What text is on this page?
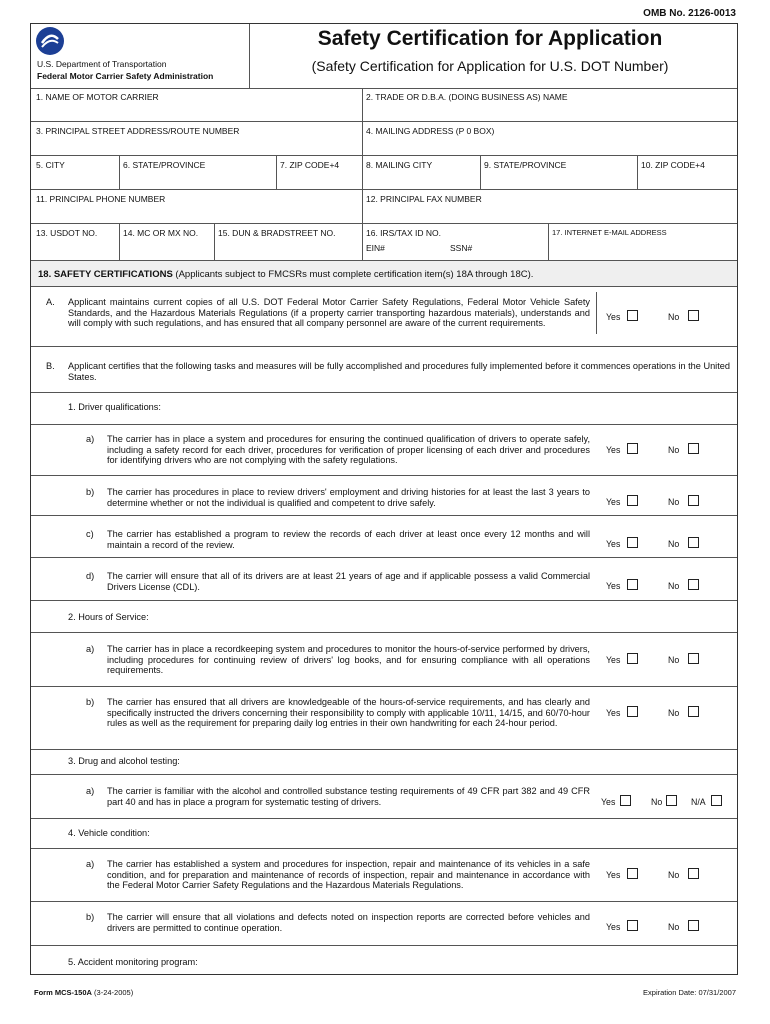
OMB No. 2126-0013
U.S. Department of Transportation
Federal Motor Carrier Safety Administration
Safety Certification for Application
(Safety Certification for Application for U.S. DOT Number)
1. NAME OF MOTOR CARRIER	2. TRADE OR D.B.A. (DOING BUSINESS AS) NAME
3. PRINCIPAL STREET ADDRESS/ROUTE NUMBER	4. MAILING ADDRESS (P 0 BOX)
5. CITY	6. STATE/PROVINCE	7. ZIP CODE+4	8. MAILING CITY	9. STATE/PROVINCE	10. ZIP CODE+4
11. PRINCIPAL PHONE NUMBER	12. PRINCIPAL FAX NUMBER
13. USDOT NO.	14. MC OR MX NO. 15. DUN & BRADSTREET NO.	16. IRS/TAX ID NO.
EIN#	SSN#
17. INTERNET E-MAIL ADDRESS
18. SAFETY CERTIFICATIONS (Applicants subject to FMCSRs must complete certification item(s) 18A through 18C).
A. Applicant maintains current copies of all U.S. DOT Federal Motor Carrier Safety Regulations, Federal Motor Vehicle Safety Standards, and the Hazardous Materials Regulations (if a property carrier transporting hazardous materials), understands and will comply with such regulations, and has ensured that all company personnel are aware of the current requirements.
Yes	No
B. Applicant certifies that the following tasks and measures will be fully accomplished and procedures fully implemented before it commences operations in the United States.
1. Driver qualifications:
a) The carrier has in place a system and procedures for ensuring the continued qualification of drivers to operate safely, including a safety record for each driver, procedures for verification of proper licensing of each driver and procedures for identifying drivers who are not complying with the safety regulations.
Yes	No
b) The carrier has procedures in place to review drivers' employment and driving histories for at least the last 3 years to determine whether or not the individual is qualified and competent to drive safely.	Yes	No
c) The carrier has established a program to review the records of each driver at least once every 12 months and will maintain a record of the review.	Yes	No
d) The carrier will ensure that all of its drivers are at least 21 years of age and if applicable possess a valid Commercial Drivers License (CDL).	Yes	No
2. Hours of Service:
a) The carrier has in place a recordkeeping system and procedures to monitor the hours-of-service performed by drivers, including procedures for continuing review of drivers' log books, and for ensuring compliance with all operations requirements.
Yes	No
b) The carrier has ensured that all drivers are knowledgeable of the hours-of-service requirements, and has clearly and specifically instructed the drivers concerning their responsibility to comply with applicable 10/11, 14/15, and 60/70-hour rules as well as the requirement for preparing daily log entries in their own handwriting for each 24-hour period.
Yes	No
3. Drug and alcohol testing:
a) The carrier is familiar with the alcohol and controlled substance testing requirements of 49 CFR part 382 and 49 CFR part 40 and has in place a program for systematic testing of drivers.	Yes	No	N/A
4. Vehicle condition:
a) The carrier has established a system and procedures for inspection, repair and maintenance of its vehicles in a safe condition, and for preparation and maintenance of records of inspection, repair and maintenance in accordance with the Federal Motor Carrier Safety Regulations and the Hazardous Materials Regulations.
Yes	No
b) The carrier will ensure that all violations and defects noted on inspection reports are corrected before vehicles and drivers are permitted to continue operation.	Yes	No
5. Accident monitoring program:
Form MCS-150A (3-24-2005)	Expiration Date: 07/31/2007
